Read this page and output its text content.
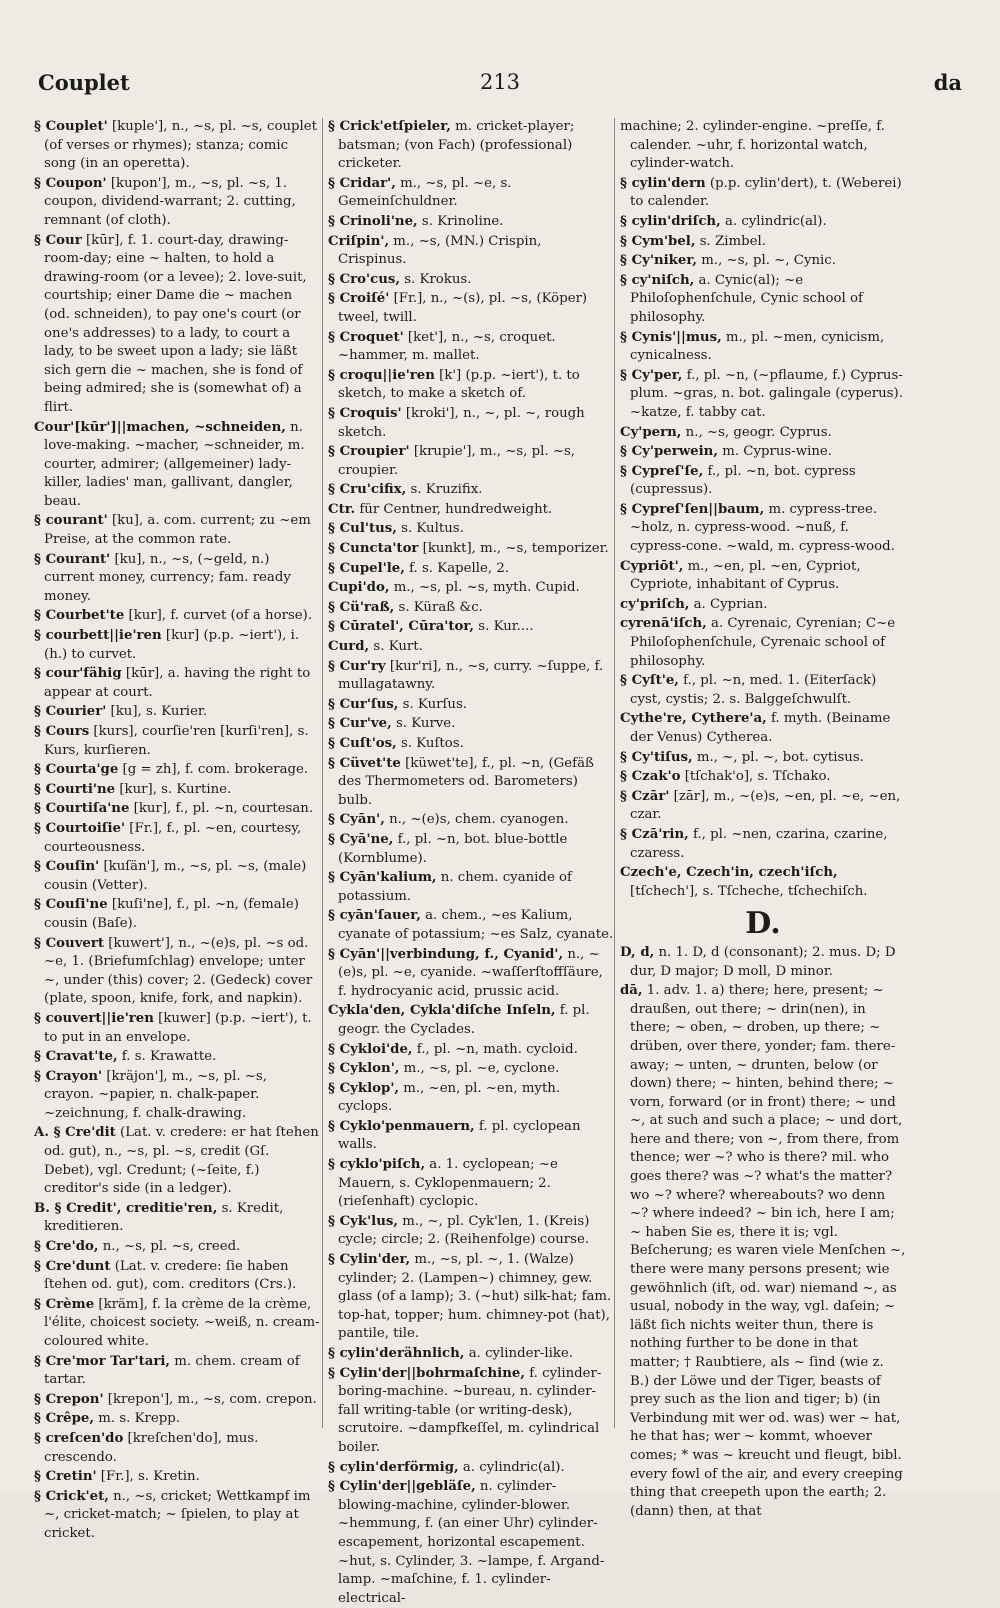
Couplet	213	da

§ Couplet' [kuple'], n., ~s, pl. ~s, couplet (of verses or rhymes); stanza; comic song (in an operetta).

§ Coupon' [kupon'], m., ~s, pl. ~s, 1. coupon, dividend-warrant; 2. cutting, remnant (of cloth).

§ Cour [kūr], f. 1. court-day, drawing-room-day; eine ~ halten, to hold a drawing-room (or a levee); 2. love-suit, courtship; einer Dame die ~ machen (od. schneiden), to pay one's court (or one's addresses) to a lady, to court a lady, to be sweet upon a lady; sie läßt sich gern die ~ machen, she is fond of being admired; she is (somewhat of) a flirt.

Cour'[kūr']||machen, ~schneiden, n. love-making. ~macher, ~schneider, m. courter, admirer; (allgemeiner) lady-killer, ladies' man, gallivant, dangler, beau.

§ courant' [ku], a. com. current; zu ~em Preise, at the common rate.

§ Courant' [ku], n., ~s, (~geld, n.) current money, currency; fam. ready money.

§ Courbet'te [kur], f. curvet (of a horse).

§ courbett||ie'ren [kur] (p.p. ~iert'), i. (h.) to curvet.

§ cour'fähig [kūr], a. having the right to appear at court.

§ Courier' [ku], s. Kurier.

§ Cours [kurs], courſie'ren [kurſi'ren], s. Kurs, kurſieren.

§ Courta'ge [g = zh], f. com. brokerage.

§ Courti'ne [kur], s. Kurtine.

§ Courtiſa'ne [kur], f., pl. ~n, courtesan.

§ Courtoiſie' [Fr.], f., pl. ~en, courtesy, courteousness.

§ Couſin' [kuſän'], m., ~s, pl. ~s, (male) cousin (Vetter).

§ Couſi'ne [kuſi'ne], f., pl. ~n, (female) cousin (Baſe).

§ Couvert [kuwert'], n., ~(e)s, pl. ~s od. ~e, 1. (Briefumſchlag) envelope; unter ~, under (this) cover; 2. (Gedeck) cover (plate, spoon, knife, fork, and napkin).

§ couvert||ie'ren [kuwer] (p.p. ~iert'), t. to put in an envelope.

§ Cravat'te, f. s. Krawatte.

§ Crayon' [kräjon'], m., ~s, pl. ~s, crayon. ~papier, n. chalk-paper. ~zeichnung, f. chalk-drawing.

A. § Cre'dit (Lat. v. credere: er hat ſtehen od. gut), n., ~s, pl. ~s, credit (Gſ. Debet), vgl. Credunt; (~ſeite, f.) creditor's side (in a ledger).

B. § Credit', creditie'ren, s. Kredit, kreditieren.

§ Cre'do, n., ~s, pl. ~s, creed.

§ Cre'dunt (Lat. v. credere: ſie haben ſtehen od. gut), com. creditors (Crs.).

§ Crème [kräm], f. la crème de la crème, l'élite, choicest society. ~weiß, n. cream-coloured white.

§ Cre'mor Tar'tari, m. chem. cream of tartar.

§ Crepon' [krepon'], m., ~s, com. crepon.

§ Crêpe, m. s. Krepp.

§ creſcen'do [kreſchen'do], mus. crescendo.

§ Cretin' [Fr.], s. Kretin.

§ Crick'et, n., ~s, cricket; Wettkampf im ~, cricket-match; ~ ſpielen, to play at cricket.

§ Crick'etſpieler, m. cricket-player; batsman; (von Fach) (professional) cricketer.

§ Cridar', m., ~s, pl. ~e, s. Gemeinſchuldner.

§ Crinoli'ne, s. Krinoline.

Criſpin', m., ~s, (MN.) Crispin, Crispinus.

§ Cro'cus, s. Krokus.

§ Croiſé' [Fr.], n., ~(s), pl. ~s, (Köper) tweel, twill.

§ Croquet' [ket'], n., ~s, croquet. ~hammer, m. mallet.

§ croqu||ie'ren [k'] (p.p. ~iert'), t. to sketch, to make a sketch of.

§ Croquis' [kroki'], n., ~, pl. ~, rough sketch.

§ Croupier' [krupie'], m., ~s, pl. ~s, croupier.

§ Cru'cifix, s. Kruzifix.

Ctr. für Centner, hundredweight.

§ Cul'tus, s. Kultus.

§ Cuncta'tor [kunkt], m., ~s, temporizer.

§ Cupel'le, f. s. Kapelle, 2.

Cupi'do, m., ~s, pl. ~s, myth. Cupid.

§ Cü'raß, s. Küraß &c.

§ Cūratel', Cūra'tor, s. Kur....

Curd, s. Kurt.

§ Cur'ry [kur'ri], n., ~s, curry. ~ſuppe, f. mullagatawny.

§ Cur'ſus, s. Kurſus.

§ Cur've, s. Kurve.

§ Cuſt'os, s. Kuſtos.

§ Cüvet'te [küwet'te], f., pl. ~n, (Gefäß des Thermometers od. Barometers) bulb.

§ Cyān', n., ~(e)s, chem. cyanogen.

§ Cyā'ne, f., pl. ~n, bot. blue-bottle (Kornblume).

§ Cyān'kalium, n. chem. cyanide of potassium.

§ cyān'ſauer, a. chem., ~es Kalium, cyanate of potassium; ~es Salz, cyanate.

§ Cyān'||verbindung, f., Cyanid', n., ~(e)s, pl. ~e, cyanide. ~waſſerſtoffſäure, f. hydrocyanic acid, prussic acid.

Cykla'den, Cykla'diſche Inſeln, f. pl. geogr. the Cyclades.

§ Cykloi'de, f., pl. ~n, math. cycloid.

§ Cyklon', m., ~s, pl. ~e, cyclone.

§ Cyklop', m., ~en, pl. ~en, myth. cyclops.

§ Cyklo'penmauern, f. pl. cyclopean walls.

§ cyklo'piſch, a. 1. cyclopean; ~e Mauern, s. Cyklopenmauern; 2. (rieſenhaft) cyclopic.

§ Cyk'lus, m., ~, pl. Cyk'len, 1. (Kreis) cycle; circle; 2. (Reihenfolge) course.

§ Cylin'der, m., ~s, pl. ~, 1. (Walze) cylinder; 2. (Lampen~) chimney, gew. glass (of a lamp); 3. (~hut) silk-hat; fam. top-hat, topper; hum. chimney-pot (hat), pantile, tile.

§ cylin'derähnlich, a. cylinder-like.

§ Cylin'der||bohrmaſchine, f. cylinder-boring-machine. ~bureau, n. cylinder-fall writing-table (or writing-desk), scrutoire. ~dampfkeſſel, m. cylindrical boiler.

§ cylin'derförmig, a. cylindric(al).

§ Cylin'der||gebläſe, n. cylinder-blowing-machine, cylinder-blower. ~hemmung, f. (an einer Uhr) cylinder-escapement, horizontal escapement. ~hut, s. Cylinder, 3. ~lampe, f. Argand-lamp. ~maſchine, f. 1. cylinder-electrical-

machine; 2. cylinder-engine. ~preſſe, f. calender. ~uhr, f. horizontal watch, cylinder-watch.

§ cylin'dern (p.p. cylin'dert), t. (Weberei) to calender.

§ cylin'driſch, a. cylindric(al).

§ Cym'bel, s. Zimbel.

§ Cy'niker, m., ~s, pl. ~, Cynic.

§ cy'niſch, a. Cynic(al); ~e Philoſophenſchule, Cynic school of philosophy.

§ Cynis'||mus, m., pl. ~men, cynicism, cynicalness.

§ Cy'per, f., pl. ~n, (~pflaume, f.) Cyprus-plum. ~gras, n. bot. galingale (cyperus). ~katze, f. tabby cat.

Cy'pern, n., ~s, geogr. Cyprus.

§ Cy'perwein, m. Cyprus-wine.

§ Cypreſ'ſe, f., pl. ~n, bot. cypress (cupressus).

§ Cypreſ'ſen||baum, m. cypress-tree. ~holz, n. cypress-wood. ~nuß, f. cypress-cone. ~wald, m. cypress-wood.

Cypriōt', m., ~en, pl. ~en, Cypriot, Cypriote, inhabitant of Cyprus.

cy'priſch, a. Cyprian.

cyrenā'iſch, a. Cyrenaic, Cyrenian; C~e Philoſophenſchule, Cyrenaic school of philosophy.

§ Cyſt'e, f., pl. ~n, med. 1. (Eiterſack) cyst, cystis; 2. s. Balggeſchwulſt.

Cythe're, Cythere'a, f. myth. (Beiname der Venus) Cytherea.

§ Cy'tiſus, m., ~, pl. ~, bot. cytisus.

§ Czak'o [tſchak'o], s. Tſchako.

§ Czār' [zār], m., ~(e)s, ~en, pl. ~e, ~en, czar.

§ Czā'rin, f., pl. ~nen, czarina, czarine, czaress.

Czech'e, Czech'in, czech'iſch, [tſchech'], s. Tſcheche, tſchechiſch.

D.

D, d, n. 1. D, d (consonant); 2. mus. D; D dur, D major; D moll, D minor.

dā, 1. adv. 1. a) there; here, present; ~ draußen, out there; ~ drin(nen), in there; ~ oben, ~ droben, up there; ~ drüben, over there, yonder; fam. there-away; ~ unten, ~ drunten, below (or down) there; ~ hinten, behind there; ~ vorn, forward (or in front) there; ~ und ~, at such and such a place; ~ und dort, here and there; von ~, from there, from thence; wer ~? who is there? mil. who goes there? was ~? what's the matter? wo ~? where? whereabouts? wo denn ~? where indeed? ~ bin ich, here I am; ~ haben Sie es, there it is; vgl. Beſcherung; es waren viele Menſchen ~, there were many persons present; wie gewöhnlich (iſt, od. war) niemand ~, as usual, nobody in the way, vgl. daſein; ~ läßt ſich nichts weiter thun, there is nothing further to be done in that matter; † Raubtiere, als ~ ſind (wie z. B.) der Löwe und der Tiger, beasts of prey such as the lion and tiger; b) (in Verbindung mit wer od. was) wer ~ hat, he that has; wer ~ kommt, whoever comes; * was ~ kreucht und fleugt, bibl. every fowl of the air, and every creeping thing that creepeth upon the earth; 2. (dann) then, at that
